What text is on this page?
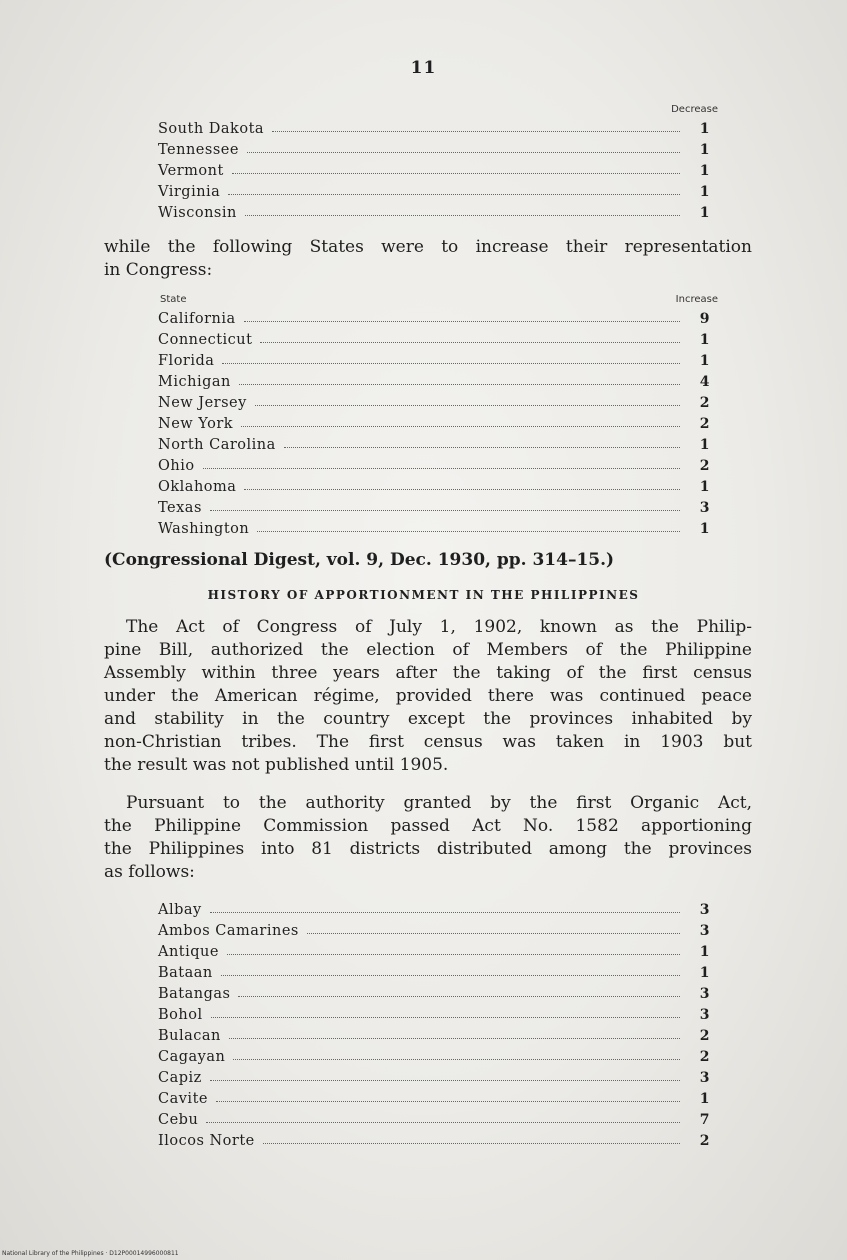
11
Decrease
South Dakota	1
Tennessee	1
Vermont	1
Virginia	1
Wisconsin	1
while the following States were to increase their representation
in Congress:
State	Increase
California	9
Connecticut	1
Florida	1
Michigan	4
New Jersey	2
New York	2
North Carolina	1
Ohio	2
Oklahoma	1
Texas	3
Washington	1
(Congressional Digest, vol. 9, Dec. 1930, pp. 314–15.)
HISTORY OF APPORTIONMENT IN THE PHILIPPINES
The Act of Congress of July 1, 1902, known as the Philip-
pine Bill, authorized the election of Members of the Philippine
Assembly within three years after the taking of the first census
under the American régime, provided there was continued peace
and stability in the country except the provinces inhabited by
non-Christian tribes. The first census was taken in 1903 but
the result was not published until 1905.
Pursuant to the authority granted by the first Organic Act,
the Philippine Commission passed Act No. 1582 apportioning
the Philippines into 81 districts distributed among the provinces
as follows:
Albay	3
Ambos Camarines	3
Antique	1
Bataan	1
Batangas	3
Bohol	3
Bulacan	2
Cagayan	2
Capiz	3
Cavite	1
Cebu	7
Ilocos Norte	2
National Library of the Philippines · D12P00014996000811
